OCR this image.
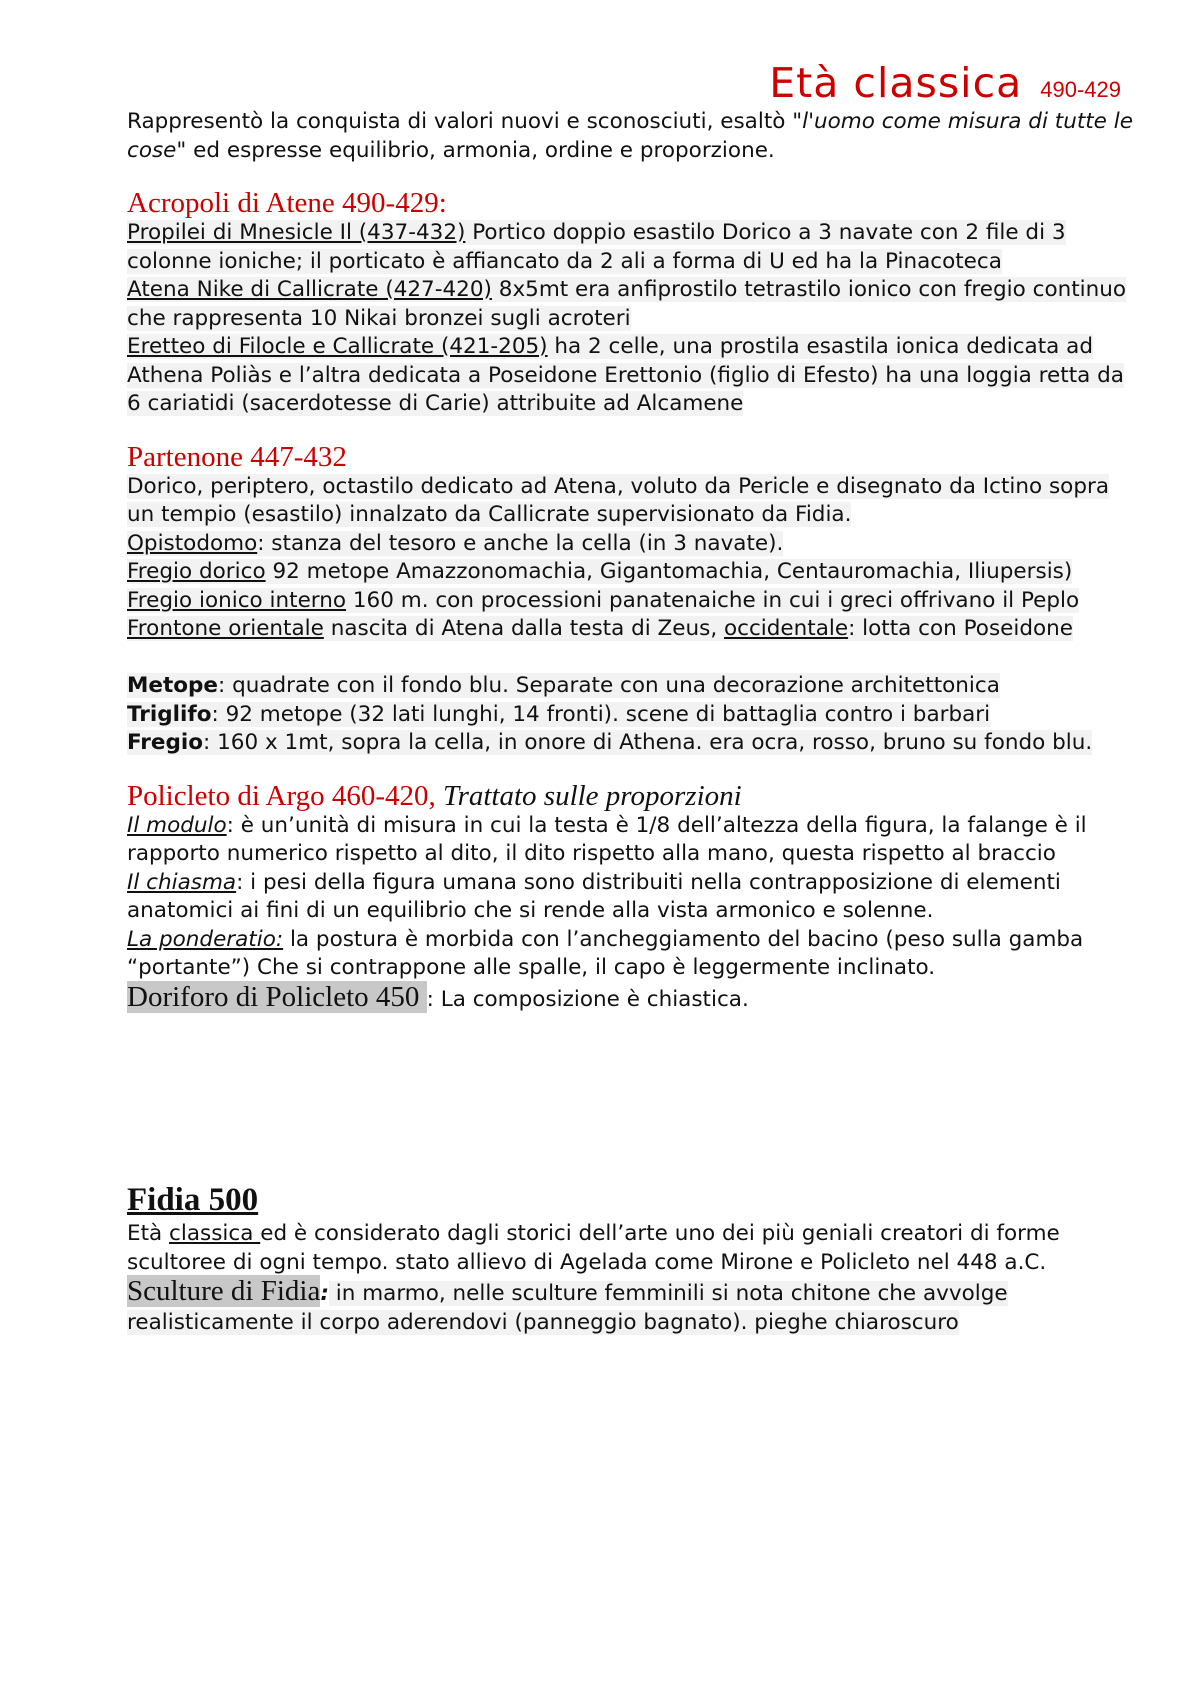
Età classica 490-429

Rappresentò la conquista di valori nuovi e sconosciuti, esaltò "l'uomo come misura di tutte le cose" ed espresse equilibrio, armonia, ordine e proporzione.

Acropoli di Atene 490-429:

Propilei di Mnesicle Il (437-432) Portico doppio esastilo Dorico a 3 navate con 2 file di 3 colonne ioniche; il porticato è affiancato da 2 ali a forma di U ed ha la Pinacoteca

Atena Nike di Callicrate (427-420) 8x5mt era anfiprostilo tetrastilo ionico con fregio continuo che rappresenta 10 Nikai bronzei sugli acroteri

Eretteo di Filocle e Callicrate (421-205) ha 2 celle, una prostila esastila ionica dedicata ad Athena Poliàs e l’altra dedicata a Poseidone Erettonio (figlio di Efesto) ha una loggia retta da 6 cariatidi (sacerdotesse di Carie) attribuite ad Alcamene

Partenone 447-432

Dorico, periptero, octastilo dedicato ad Atena, voluto da Pericle e disegnato da Ictino sopra un tempio (esastilo) innalzato da Callicrate supervisionato da Fidia.

Opistodomo: stanza del tesoro e anche la cella (in 3 navate).

Fregio dorico 92 metope Amazzonomachia, Gigantomachia, Centauromachia, Iliupersis)

Fregio ionico interno 160 m. con processioni panatenaiche in cui i greci offrivano il Peplo

Frontone orientale nascita di Atena dalla testa di Zeus, occidentale: lotta con Poseidone

Metope: quadrate con il fondo blu. Separate con una decorazione architettonica

Triglifo: 92 metope (32 lati lunghi, 14 fronti). scene di battaglia contro i barbari

Fregio: 160 x 1mt, sopra la cella, in onore di Athena. era ocra, rosso, bruno su fondo blu.

Policleto di Argo 460-420, Trattato sulle proporzioni

Il modulo: è un’unità di misura in cui la testa è 1/8 dell’altezza della figura, la falange è il rapporto numerico rispetto al dito, il dito rispetto alla mano, questa rispetto al braccio

Il chiasma: i pesi della figura umana sono distribuiti nella contrapposizione di elementi anatomici ai fini di un equilibrio che si rende alla vista armonico e solenne.

La ponderatio: la postura è morbida con l’ancheggiamento del bacino (peso sulla gamba “portante”) Che si contrappone alle spalle, il capo è leggermente inclinato.

Doriforo di Policleto 450 : La composizione è chiastica.

Fidia 500

Età classica ed è considerato dagli storici dell’arte uno dei più geniali creatori di forme scultoree di ogni tempo. stato allievo di Agelada come Mirone e Policleto nel 448 a.C.

Sculture di Fidia: in marmo, nelle sculture femminili si nota chitone che avvolge realisticamente il corpo aderendovi (panneggio bagnato). pieghe chiaroscuro
